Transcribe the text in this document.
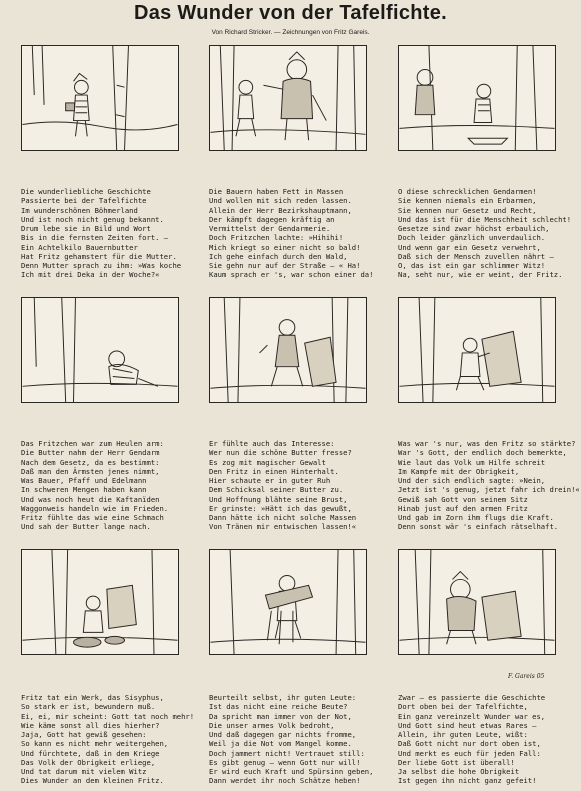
Das Wunder von der Tafelfichte.
Von Richard Stricker. — Zeichnungen von Fritz Gareis.
F. Gareis 05
Die wunderliebliche Geschichte
Passierte bei der Tafelfichte
Im wunderschönen Böhmerland
Und ist noch nicht genug bekannt.
Drum lebe sie in Bild und Wort
Bis in die fernsten Zeiten fort. —
Ein Achtelkilo Bauernbutter
Hat Fritz gehamstert für die Mutter.
Denn Mutter sprach zu ihm: »Was koche
Ich mit drei Deka in der Woche?«
Die Bauern haben Fett in Massen
Und wollen mit sich reden lassen.
Allein der Herr Bezirkshauptmann,
Der kämpft dagegen kräftig an
Vermittelst der Gendarmerie.
Doch Fritzchen lachte: »Hihihi!
Mich kriegt so einer nicht so bald!
Ich gehe einfach durch den Wald,
Sie gehn nur auf der Straße — « Ha!
Kaum sprach er 's, war schon einer da!
O diese schrecklichen Gendarmen!
Sie kennen niemals ein Erbarmen,
Sie kennen nur Gesetz und Recht,
Und das ist für die Menschheit schlecht!
Gesetze sind zwar höchst erbaulich,
Doch leider gänzlich unverdaulich.
Und wenn gar ein Gesetz verwehrt,
Daß sich der Mensch zuvellen nährt —
O, das ist ein gar schlimmer Witz!
Na, seht nur, wie er weint, der Fritz.
Das Fritzchen war zum Heulen arm:
Die Butter nahm der Herr Gendarm
Nach dem Gesetz, da es bestimmt:
Daß man den Ärmsten jenes nimmt,
Was Bauer, Pfaff und Edelmann
In schweren Mengen haben kann
Und was noch heut die Kaftanïden
Waggonweis handeln wie im Frieden.
Fritz fühlte das wie eine Schmach
Und sah der Butter lange nach.
Er fühlte auch das Interesse:
Wer nun die schöne Butter fresse?
Es zog mit magischer Gewalt
Den Fritz in einen Hinterhalt.
Hier schaute er in guter Ruh
Dem Schicksal seiner Butter zu.
Und Hoffnung blähte seine Brust,
Er grinste: »Hätt ich das gewußt,
Dann hätte ich nicht solche Massen
Von Tränen mir entwischen lassen!«
Was war 's nur, was den Fritz so stärkte?
War 's Gott, der endlich doch bemerkte,
Wie laut das Volk um Hilfe schreit
Im Kampfe mit der Obrigkeit,
Und der sich endlich sagte: »Nein,
Jetzt ist 's genug, jetzt fahr ich drein!«
Gewiß sah Gott von seinem Sitz
Hinab just auf den armen Fritz
Und gab im Zorn ihm flugs die Kraft.
Denn sonst wär 's einfach rätselhaft.
Fritz tat ein Werk, das Sisyphus,
So stark er ist, bewundern muß.
Ei, ei, mir scheint: Gott tat noch mehr!
Wie käme sonst all dies hierher?
Jaja, Gott hat gewiß gesehen:
So kann es nicht mehr weitergehen,
Und fürchtete, daß in dem Kriege
Das Volk der Obrigkeit erliege,
Und tat darum mit vielem Witz
Dies Wunder an dem kleinen Fritz.
Beurteilt selbst, ihr guten Leute:
Ist das nicht eine reiche Beute?
Da spricht man immer von der Not,
Die unser armes Volk bedroht,
Und daß dagegen gar nichts fromme,
Weil ja die Not vom Mangel komme.
Doch jammert nicht! Vertrauet still:
Es gibt genug — wenn Gott nur will!
Er wird euch Kraft und Spürsinn geben,
Dann werdet ihr noch Schätze heben!
Zwar — es passierte die Geschichte
Dort oben bei der Tafelfichte,
Ein ganz vereinzelt Wunder war es,
Und Gott sind heut etwas Rares —
Allein, ihr guten Leute, wißt:
Daß Gott nicht nur dort oben ist,
Und merkt es euch für jeden Fall:
Der liebe Gott ist überall!
Ja selbst die hohe Obrigkeit
Ist gegen ihn nicht ganz gefeit!
